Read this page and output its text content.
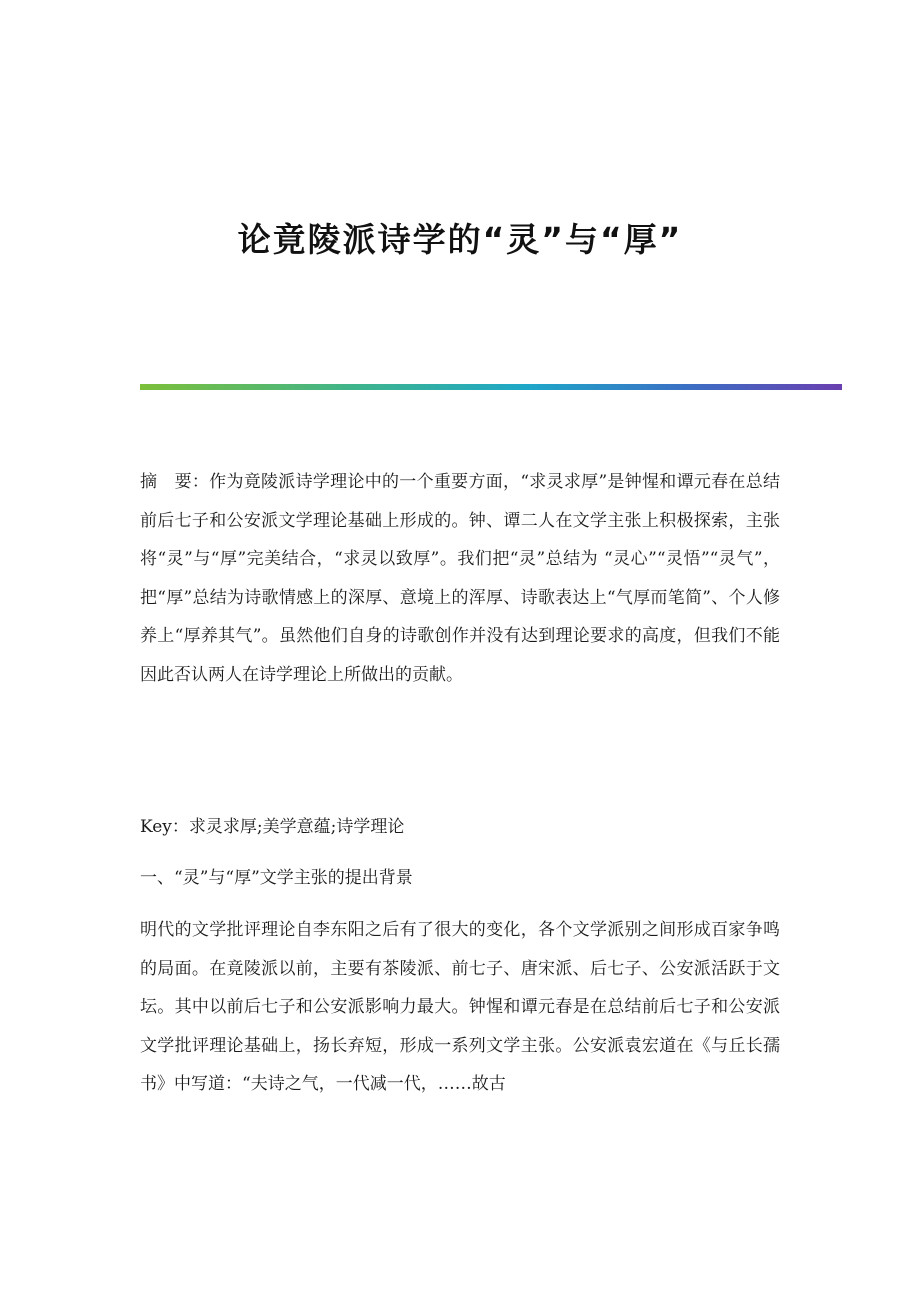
论竟陵派诗学的“灵”与“厚”
摘　要：作为竟陵派诗学理论中的一个重要方面，“求灵求厚”是钟惺和谭元春在总结前后七子和公安派文学理论基础上形成的。钟、谭二人在文学主张上积极探索，主张将“灵”与“厚”完美结合，“求灵以致厚”。我们把“灵”总结为 “灵心”“灵悟”“灵气”，把“厚”总结为诗歌情感上的深厚、意境上的浑厚、诗歌表达上“气厚而笔简”、个人修养上“厚养其气”。虽然他们自身的诗歌创作并没有达到理论要求的高度，但我们不能因此否认两人在诗学理论上所做出的贡献。
Key：求灵求厚;美学意蕴;诗学理论
一、“灵”与“厚”文学主张的提出背景
明代的文学批评理论自李东阳之后有了很大的变化，各个文学派别之间形成百家争鸣的局面。在竟陵派以前，主要有茶陵派、前七子、唐宋派、后七子、公安派活跃于文坛。其中以前后七子和公安派影响力最大。钟惺和谭元春是在总结前后七子和公安派文学批评理论基础上，扬长弃短，形成一系列文学主张。公安派袁宏道在《与丘长孺书》中写道：“夫诗之气，一代减一代，……故古
